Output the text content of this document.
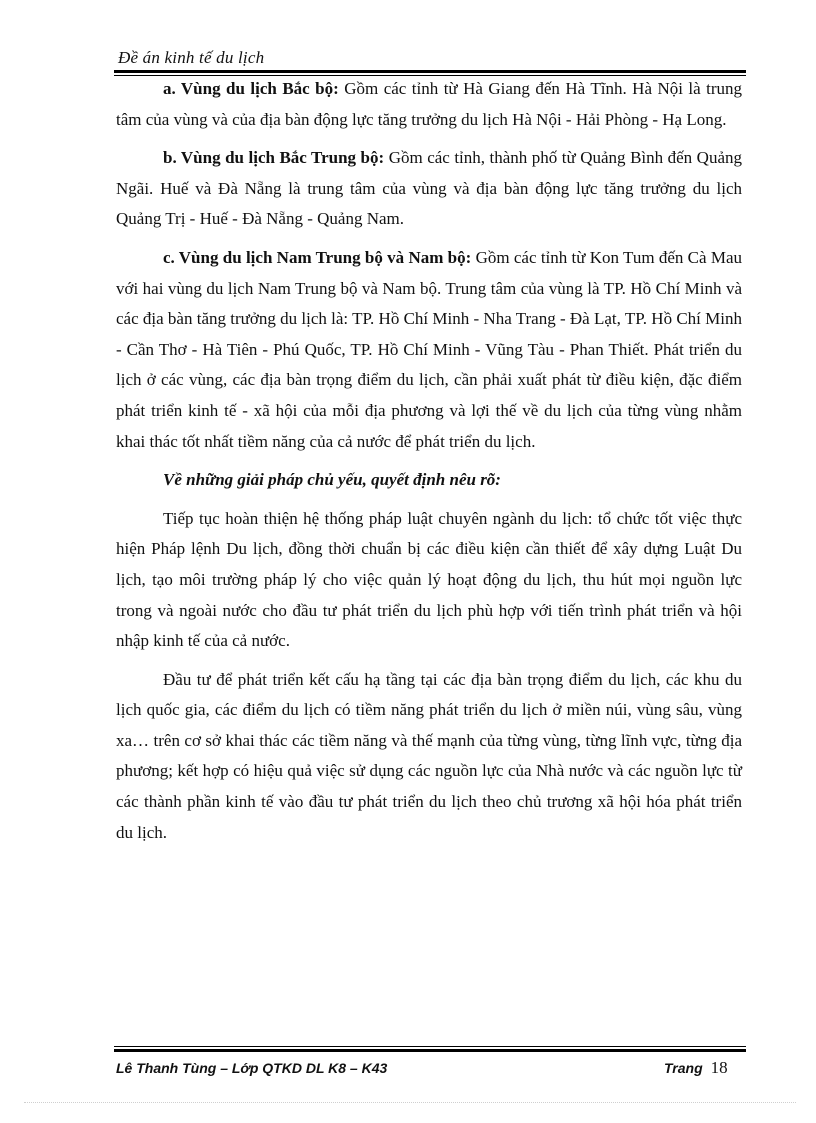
Đề án kinh tế du lịch

a. Vùng du lịch Bắc bộ: Gồm các tỉnh từ Hà Giang đến Hà Tĩnh. Hà Nội là trung tâm của vùng và của địa bàn động lực tăng trưởng du lịch Hà Nội - Hải Phòng - Hạ Long.

b. Vùng du lịch Bắc Trung bộ: Gồm các tỉnh, thành phố từ Quảng Bình đến Quảng Ngãi. Huế và Đà Nẵng là trung tâm của vùng và địa bàn động lực tăng trưởng du lịch Quảng Trị - Huế - Đà Nẵng - Quảng Nam.

c. Vùng du lịch Nam Trung bộ và Nam bộ: Gồm các tỉnh từ Kon Tum đến Cà Mau với hai vùng du lịch Nam Trung bộ và Nam bộ. Trung tâm của vùng là TP. Hồ Chí Minh và các địa bàn tăng trưởng du lịch là: TP. Hồ Chí Minh - Nha Trang - Đà Lạt, TP. Hồ Chí Minh - Cần Thơ - Hà Tiên - Phú Quốc, TP. Hồ Chí Minh - Vũng Tàu - Phan Thiết. Phát triển du lịch ở các vùng, các địa bàn trọng điểm du lịch, cần phải xuất phát từ điều kiện, đặc điểm phát triển kinh tế - xã hội của mỗi địa phương và lợi thế về du lịch của từng vùng nhằm khai thác tốt nhất tiềm năng của cả nước để phát triển du lịch.

Về những giải pháp chủ yếu, quyết định nêu rõ:

Tiếp tục hoàn thiện hệ thống pháp luật chuyên ngành du lịch: tổ chức tốt việc thực hiện Pháp lệnh Du lịch, đồng thời chuẩn bị các điều kiện cần thiết để xây dựng Luật Du lịch, tạo môi trường pháp lý cho việc quản lý hoạt động du lịch, thu hút mọi nguồn lực trong và ngoài nước cho đầu tư phát triển du lịch phù hợp với tiến trình phát triển và hội nhập kinh tế của cả nước.

Đầu tư để phát triển kết cấu hạ tầng tại các địa bàn trọng điểm du lịch, các khu du lịch quốc gia, các điểm du lịch có tiềm năng phát triển du lịch ở miền núi, vùng sâu, vùng xa… trên cơ sở khai thác các tiềm năng và thế mạnh của từng vùng, từng lĩnh vực, từng địa phương; kết hợp có hiệu quả việc sử dụng các nguồn lực của Nhà nước và các nguồn lực từ các thành phần kinh tế vào đầu tư phát triển du lịch theo chủ trương xã hội hóa phát triển du lịch.

Lê Thanh Tùng – Lớp QTKD DL K8 – K43	Trang 18
